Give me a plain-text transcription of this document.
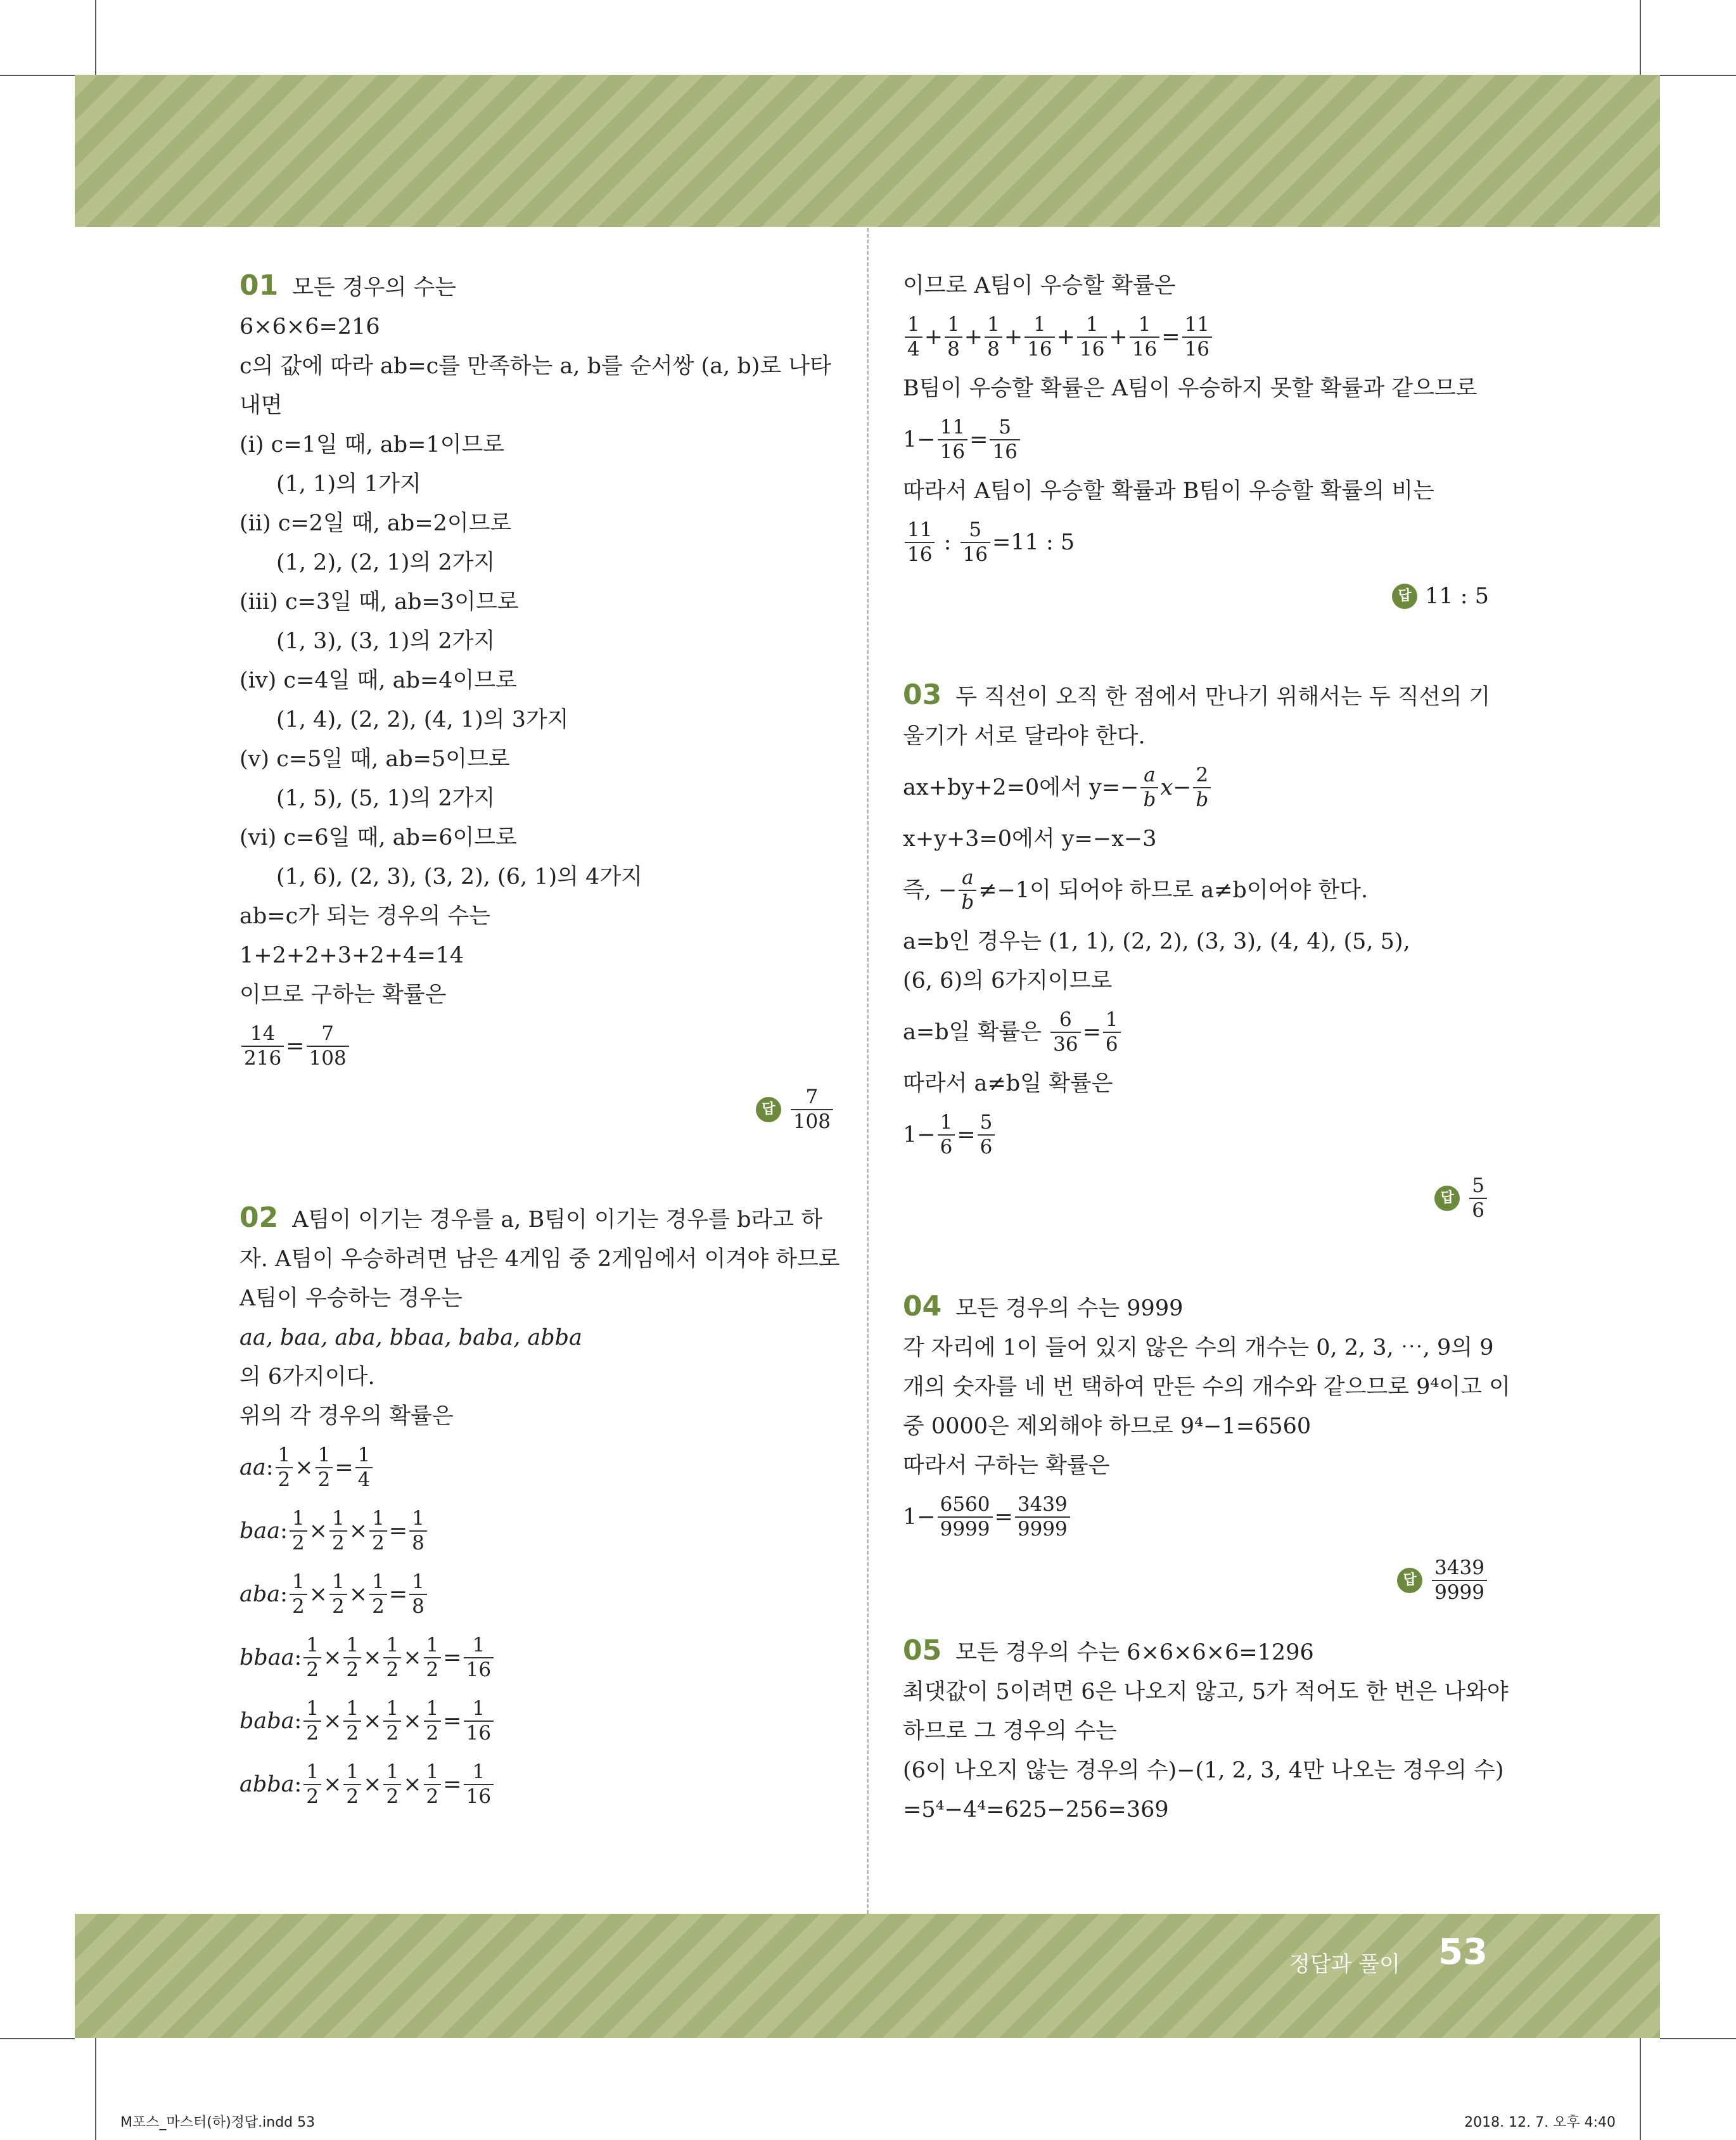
01 모든 경우의 수는
6×6×6=216
c의 값에 따라 ab=c를 만족하는 a, b를 순서쌍 (a, b)로 나타
내면
(ⅰ) c=1일 때, ab=1이므로
(1, 1)의 1가지
(ⅱ) c=2일 때, ab=2이므로
(1, 2), (2, 1)의 2가지
(ⅲ) c=3일 때, ab=3이므로
(1, 3), (3, 1)의 2가지
(ⅳ) c=4일 때, ab=4이므로
(1, 4), (2, 2), (4, 1)의 3가지
(ⅴ) c=5일 때, ab=5이므로
(1, 5), (5, 1)의 2가지
(ⅵ) c=6일 때, ab=6이므로
(1, 6), (2, 3), (3, 2), (6, 1)의 4가지
ab=c가 되는 경우의 수는
1+2+2+3+2+4=14
이므로 구하는 확률은
14
216 = 7
108
답
7
108
02 A팀이 이기는 경우를 a, B팀이 이기는 경우를 b라고 하
자. A팀이 우승하려면 남은 4게임 중 2게임에서 이겨야 하므로
A팀이 우승하는 경우는
aa, baa, aba, bbaa, baba, abba
의 6가지이다.
위의 각 경우의 확률은
aa : 1
2 × 1
2 = 1
4
baa : 1
2 × 1
2 × 1
2 = 1
8
aba : 1
2 × 1
2 × 1
2 = 1
8
bbaa : 1
2 × 1
2 × 1
2 × 1
2 = 1
16
baba : 1
2 × 1
2 × 1
2 × 1
2 = 1
16
abba : 1
2 × 1
2 × 1
2 × 1
2 = 1
16
이므로 A팀이 우승할 확률은
1
4 + 1
8 + 1
8 + 1
16 + 1
16 + 1
16 = 11
16
B팀이 우승할 확률은 A팀이 우승하지 못할 확률과 같으므로
1− 11
16 = 5
16
따라서 A팀이 우승할 확률과 B팀이 우승할 확률의 비는
11
16 : $\frac{5}{16} =11$ : 5
답 11 : 5
03 두 직선이 오직 한 점에서 만나기 위해서는 두 직선의 기
울기가 서로 달라야 한다.
ax+by+2=0에서 $y=- \frac{a}{b}$ x − 2
b
x+y+3=0에서 y=−x−3
즉, − $\frac{a}{b} \ne-1$이 되어야 하므로 a≠b이어야 한다.
a=b인 경우는 (1, 1), (2, 2), (3, 3), (4, 4), (5, 5),
(6, 6)의 6가지이므로
a=b일 확률은
6
36 = 1
6
따라서 a≠b일 확률은
1− 1
6 = 5
6
답
5
6
04 모든 경우의 수는 9999
각 자리에 1이 들어 있지 않은 수의 개수는 0, 2, 3, ⋯, 9의 9
개의 숫자를 네 번 택하여 만든 수의 개수와 같으므로 9⁴이고 이
중 0000은 제외해야 하므로 9⁴−1=6560
따라서 구하는 확률은
1− 6560
9999 = 3439
9999
답
3439
9999
05 모든 경우의 수는 6×6×6×6=1296
최댓값이 5이려면 6은 나오지 않고, 5가 적어도 한 번은 나와야
하므로 그 경우의 수는
(6이 나오지 않는 경우의 수)−(1, 2, 3, 4만 나오는 경우의 수)
=5⁴−4⁴=625−256=369
정답과 풀이 53
M포스_마스터(하)정답.indd 53	2018. 12. 7. 오후 4:40
